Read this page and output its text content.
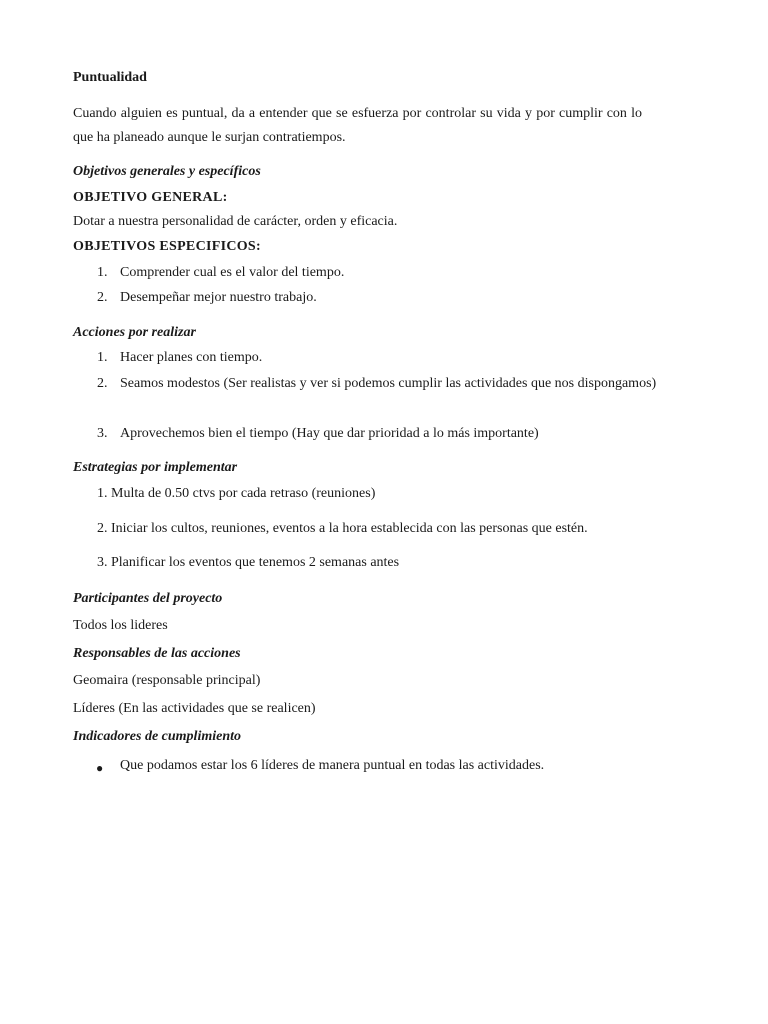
Puntualidad
Cuando alguien es puntual, da a entender que se esfuerza por controlar su vida y por cumplir con lo que ha planeado aunque le surjan contratiempos.
Objetivos generales y específicos
OBJETIVO GENERAL:
Dotar a nuestra personalidad de carácter, orden y eficacia.
OBJETIVOS ESPECIFICOS:
1. Comprender cual es el valor del tiempo.
2. Desempeñar mejor nuestro trabajo.
Acciones por realizar
1. Hacer planes con tiempo.
2. Seamos modestos (Ser realistas y ver si podemos cumplir las actividades que nos dispongamos)
3. Aprovechemos bien el tiempo (Hay que dar prioridad a lo más importante)
Estrategias por implementar
1. Multa de 0.50 ctvs por cada retraso (reuniones)
2. Iniciar los cultos, reuniones, eventos a la hora establecida con las personas que estén.
3. Planificar los eventos que tenemos 2 semanas antes
Participantes del proyecto
Todos los lideres
Responsables de las acciones
Geomaira (responsable principal)
Líderes (En las actividades que se realicen)
Indicadores de cumplimiento
● Que podamos estar los 6 líderes de manera puntual en todas las actividades.
